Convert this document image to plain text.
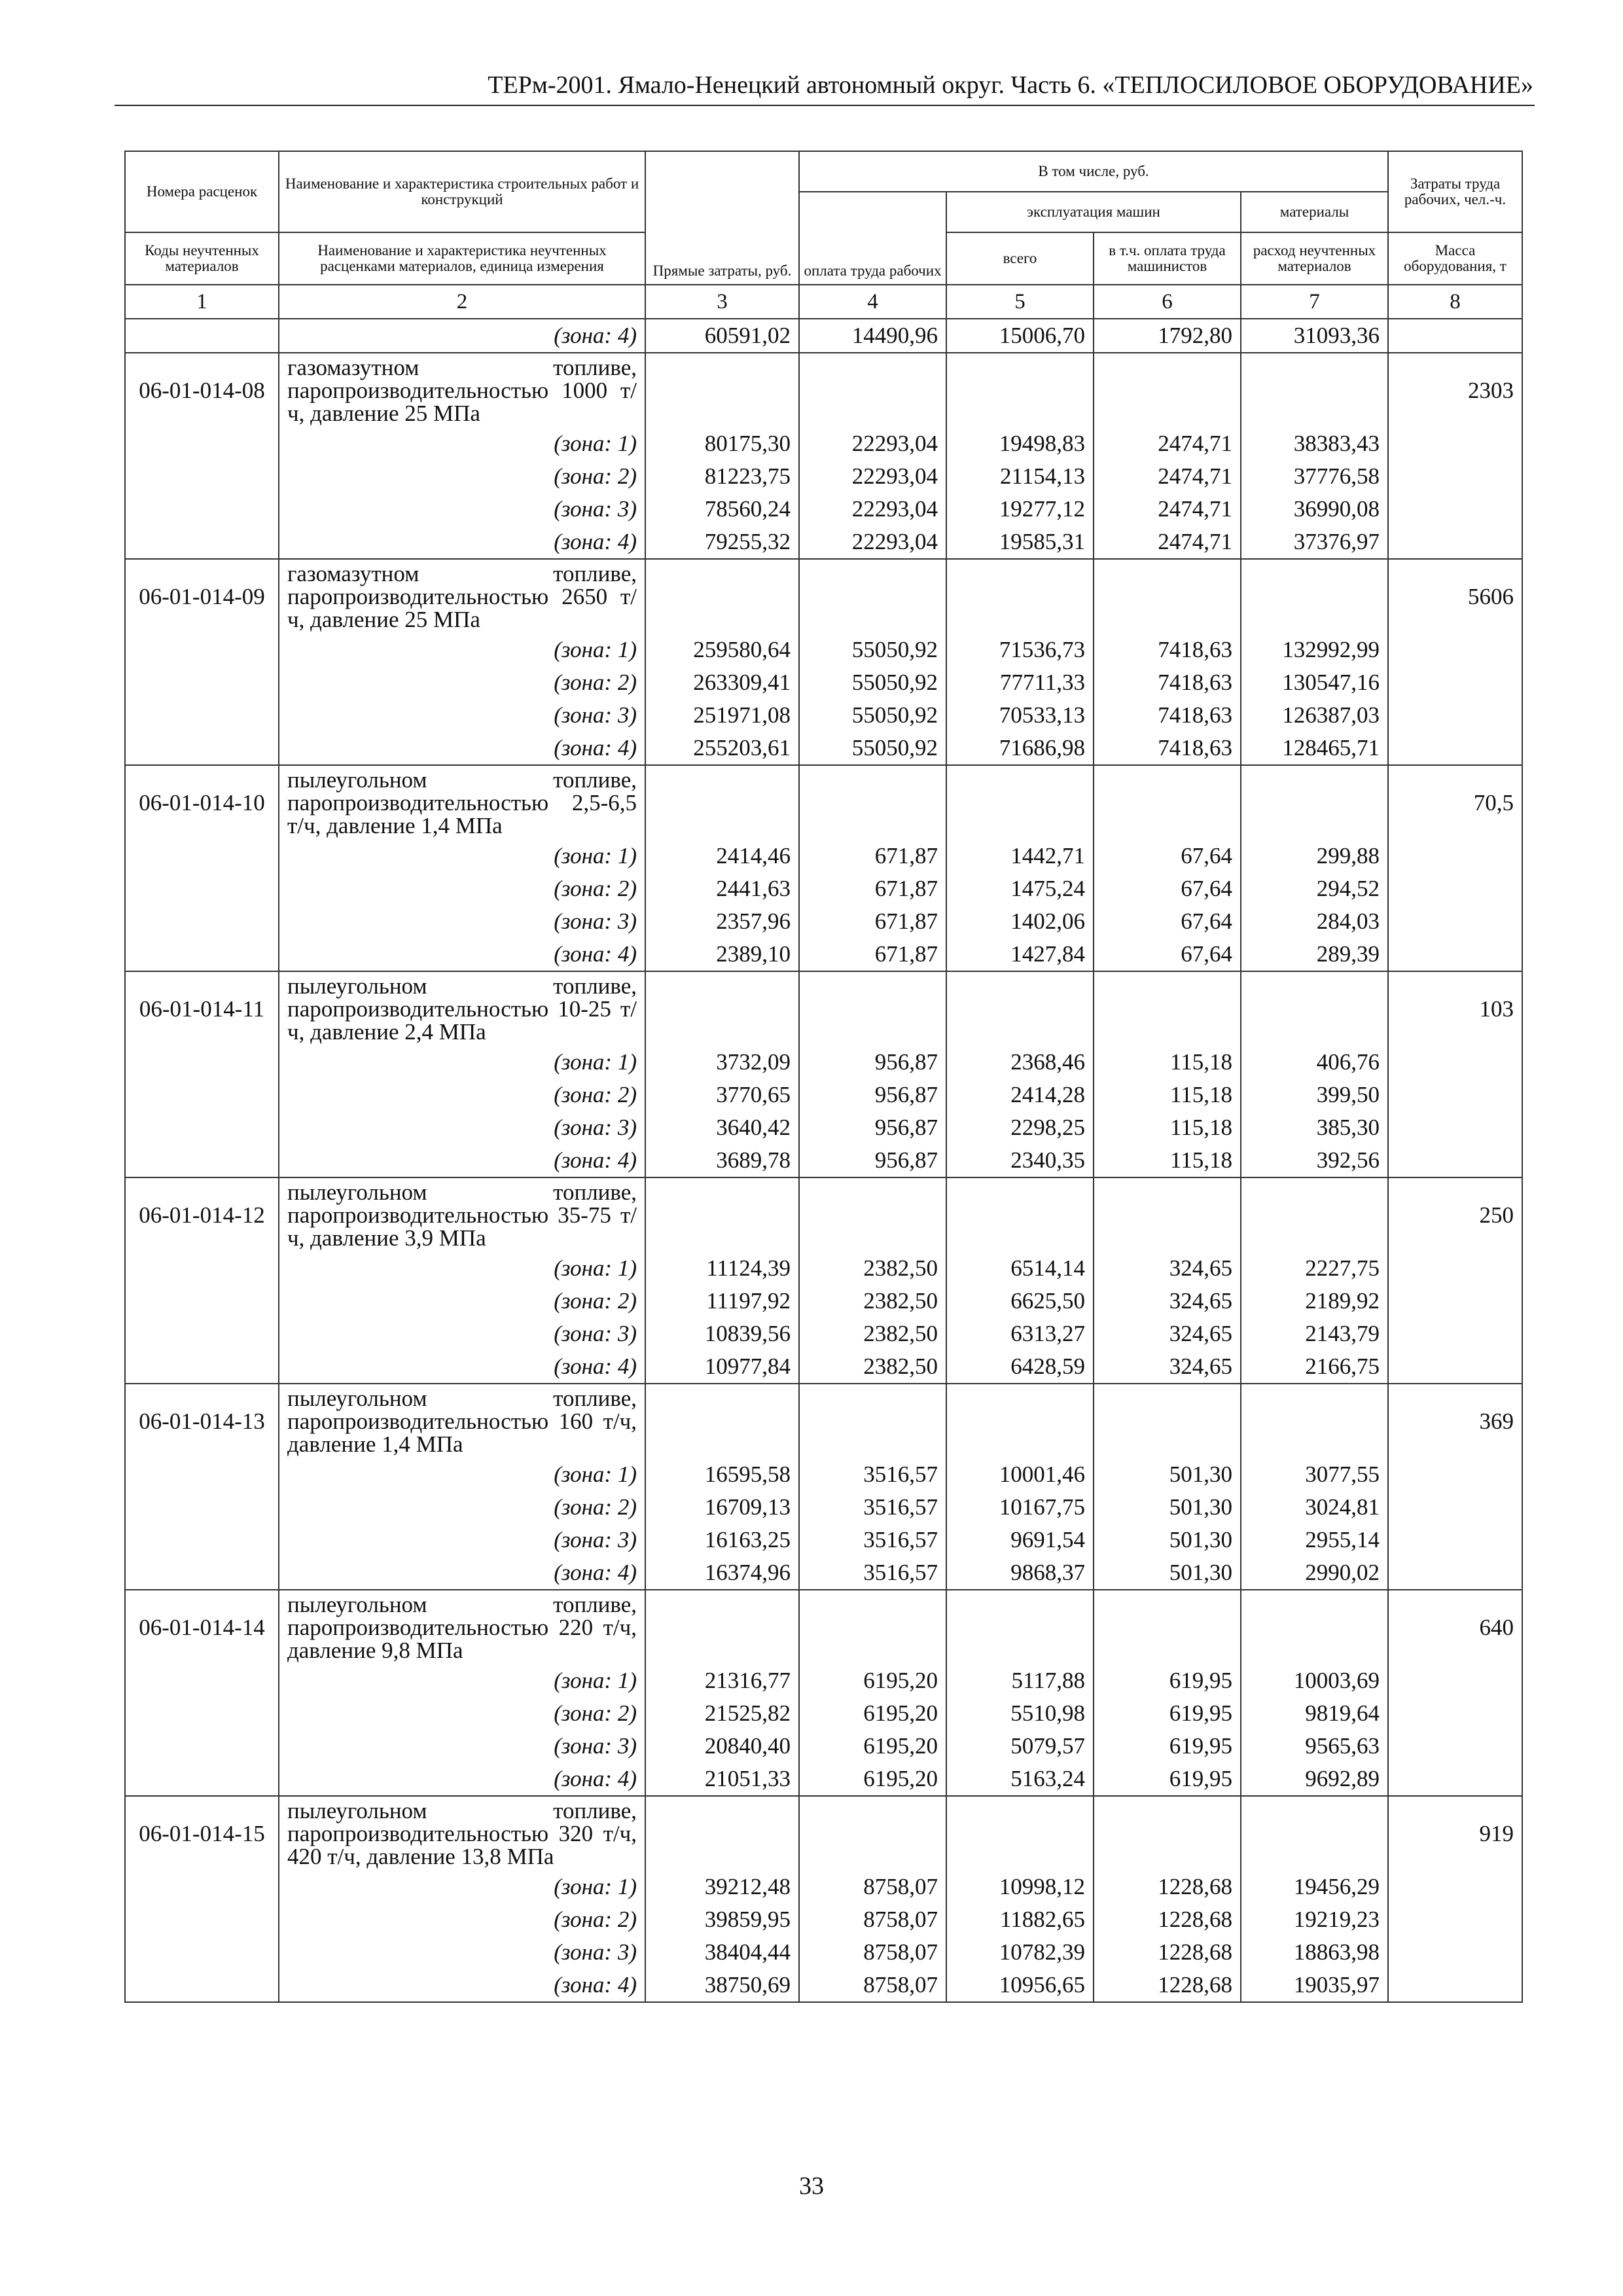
ТЕРм-2001. Ямало-Ненецкий автономный округ. Часть 6. «ТЕПЛОСИЛОВОЕ ОБОРУДОВАНИЕ»
Номера расценок	Наименование и характеристика строительных работ и конструкций	Прямые затраты, руб.	В том числе, руб.				Затраты труда рабочих, чел.-ч.
			оплата труда рабочих	эксплуатация машин		материалы	
Коды неучтенных материалов	Наименование и характеристика неучтенных расценками материалов, единица измерения			всего	в т.ч. оплата труда машинистов	расход неучтенных материалов	Масса оборудования, т
1	2	3	4	5	6	7	8
	(зона: 4)	60591,02	14490,96	15006,70	1792,80	31093,36	
06-01-014-08	газомазутном топливе, паропроизводительностью 1000 т/ч, давление 25 МПа						2303
	(зона: 1)	80175,30	22293,04	19498,83	2474,71	38383,43	
	(зона: 2)	81223,75	22293,04	21154,13	2474,71	37776,58	
	(зона: 3)	78560,24	22293,04	19277,12	2474,71	36990,08	
	(зона: 4)	79255,32	22293,04	19585,31	2474,71	37376,97	
06-01-014-09	газомазутном топливе, паропроизводительностью 2650 т/ч, давление 25 МПа						5606
	(зона: 1)	259580,64	55050,92	71536,73	7418,63	132992,99	
	(зона: 2)	263309,41	55050,92	77711,33	7418,63	130547,16	
	(зона: 3)	251971,08	55050,92	70533,13	7418,63	126387,03	
	(зона: 4)	255203,61	55050,92	71686,98	7418,63	128465,71	
06-01-014-10	пылеугольном топливе, паропроизводительностью 2,5-6,5 т/ч, давление 1,4 МПа						70,5
	(зона: 1)	2414,46	671,87	1442,71	67,64	299,88	
	(зона: 2)	2441,63	671,87	1475,24	67,64	294,52	
	(зона: 3)	2357,96	671,87	1402,06	67,64	284,03	
	(зона: 4)	2389,10	671,87	1427,84	67,64	289,39	
06-01-014-11	пылеугольном топливе, паропроизводительностью 10-25 т/ч, давление 2,4 МПа						103
	(зона: 1)	3732,09	956,87	2368,46	115,18	406,76	
	(зона: 2)	3770,65	956,87	2414,28	115,18	399,50	
	(зона: 3)	3640,42	956,87	2298,25	115,18	385,30	
	(зона: 4)	3689,78	956,87	2340,35	115,18	392,56	
06-01-014-12	пылеугольном топливе, паропроизводительностью 35-75 т/ч, давление 3,9 МПа						250
	(зона: 1)	11124,39	2382,50	6514,14	324,65	2227,75	
	(зона: 2)	11197,92	2382,50	6625,50	324,65	2189,92	
	(зона: 3)	10839,56	2382,50	6313,27	324,65	2143,79	
	(зона: 4)	10977,84	2382,50	6428,59	324,65	2166,75	
06-01-014-13	пылеугольном топливе, паропроизводительностью 160 т/ч, давление 1,4 МПа						369
	(зона: 1)	16595,58	3516,57	10001,46	501,30	3077,55	
	(зона: 2)	16709,13	3516,57	10167,75	501,30	3024,81	
	(зона: 3)	16163,25	3516,57	9691,54	501,30	2955,14	
	(зона: 4)	16374,96	3516,57	9868,37	501,30	2990,02	
06-01-014-14	пылеугольном топливе, паропроизводительностью 220 т/ч, давление 9,8 МПа						640
	(зона: 1)	21316,77	6195,20	5117,88	619,95	10003,69	
	(зона: 2)	21525,82	6195,20	5510,98	619,95	9819,64	
	(зона: 3)	20840,40	6195,20	5079,57	619,95	9565,63	
	(зона: 4)	21051,33	6195,20	5163,24	619,95	9692,89	
06-01-014-15	пылеугольном топливе, паропроизводительностью 320 т/ч, 420 т/ч, давление 13,8 МПа						919
	(зона: 1)	39212,48	8758,07	10998,12	1228,68	19456,29	
	(зона: 2)	39859,95	8758,07	11882,65	1228,68	19219,23	
	(зона: 3)	38404,44	8758,07	10782,39	1228,68	18863,98	
	(зона: 4)	38750,69	8758,07	10956,65	1228,68	19035,97	
33
